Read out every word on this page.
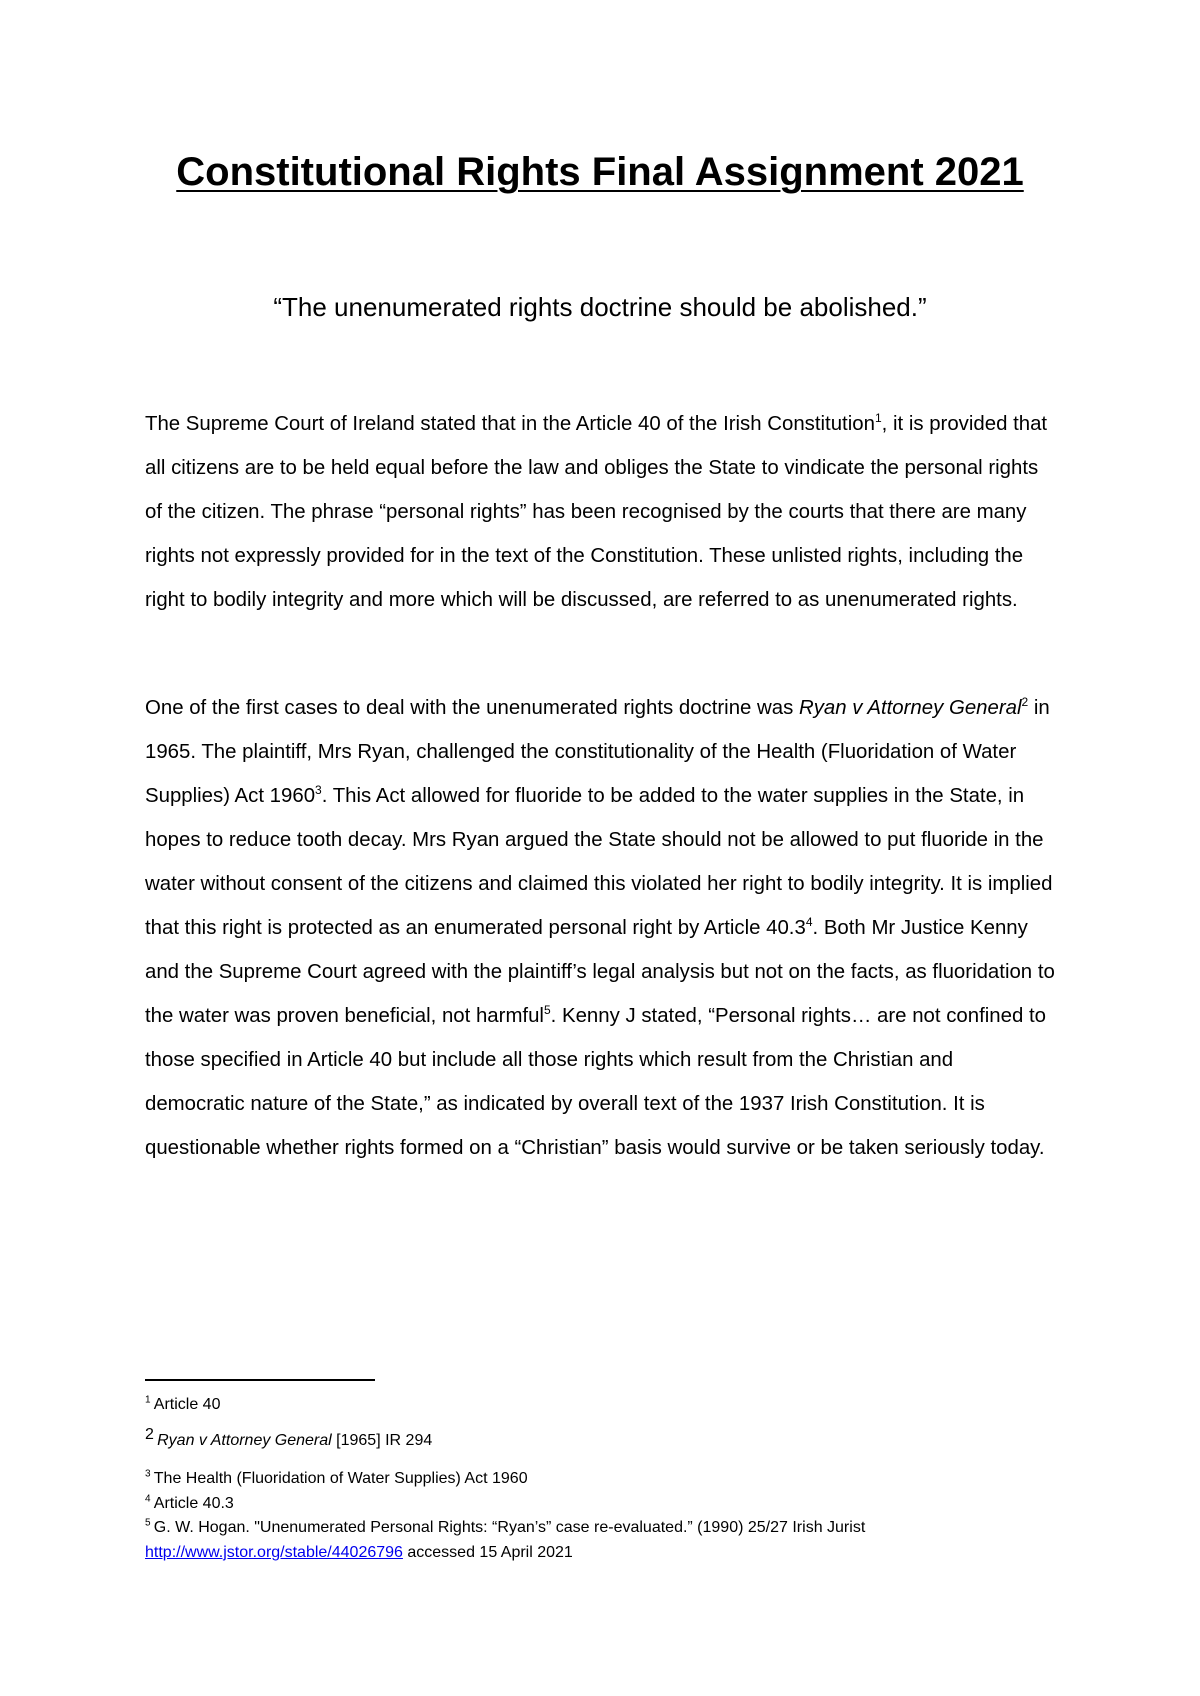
Constitutional Rights Final Assignment 2021
“The unenumerated rights doctrine should be abolished.”

The Supreme Court of Ireland stated that in the Article 40 of the Irish Constitution$^1$, it is provided that all citizens are to be held equal before the law and obliges the State to vindicate the personal rights of the citizen. The phrase “personal rights” has been recognised by the courts that there are many rights not expressly provided for in the text of the Constitution. These unlisted rights, including the right to bodily integrity and more which will be discussed, are referred to as unenumerated rights.

One of the first cases to deal with the unenumerated rights doctrine was Ryan v Attorney General$^2$ in 1965. The plaintiff, Mrs Ryan, challenged the constitutionality of the Health (Fluoridation of Water Supplies) Act 1960$^3$. This Act allowed for fluoride to be added to the water supplies in the State, in hopes to reduce tooth decay. Mrs Ryan argued the State should not be allowed to put fluoride in the water without consent of the citizens and claimed this violated her right to bodily integrity. It is implied that this right is protected as an enumerated personal right by Article 40.3$^4$. Both Mr Justice Kenny and the Supreme Court agreed with the plaintiff’s legal analysis but not on the facts, as fluoridation to the water was proven beneficial, not harmful$^5$. Kenny J stated, “Personal rights… are not confined to those specified in Article 40 but include all those rights which result from the Christian and democratic nature of the State,” as indicated by overall text of the 1937 Irish Constitution. It is questionable whether rights formed on a “Christian” basis would survive or be taken seriously today.

$^1$  Article 40
2  Ryan v Attorney General [1965] IR 294
$^3$  The Health (Fluoridation of Water Supplies) Act 1960
$^4$  Article 40.3
$^5$  G. W. Hogan. "Unenumerated Personal Rights: “Ryan’s” case re-evaluated.” (1990) 25/27 Irish Jurist
http://www.jstor.org/stable/44026796 accessed 15 April 2021
